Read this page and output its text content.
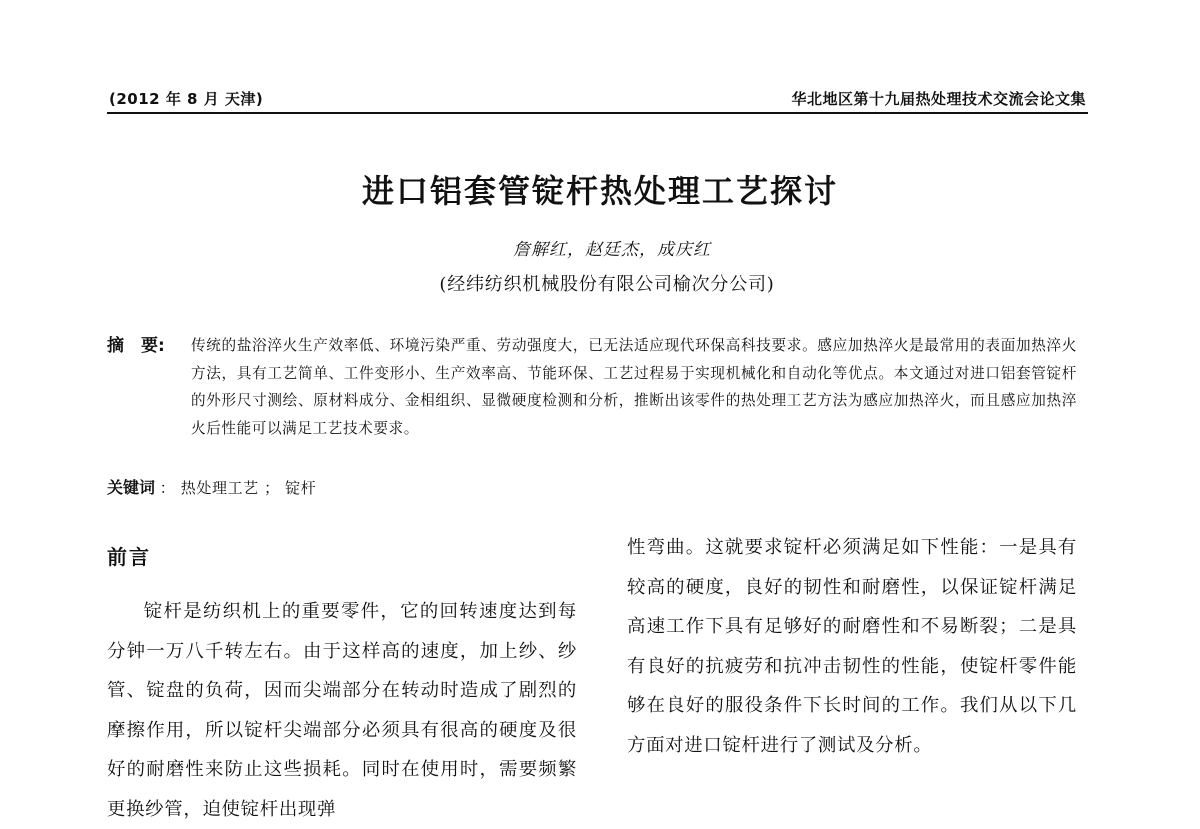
(2012 年 8 月 天津)	华北地区第十九届热处理技术交流会论文集
进口铝套管锭杆热处理工艺探讨
詹解红，赵廷杰，成庆红
(经纬纺织机械股份有限公司榆次分公司)
摘　要: 传统的盐浴淬火生产效率低、环境污染严重、劳动强度大，已无法适应现代环保高科技要求。感应加热淬火是最常用的表面加热淬火方法，具有工艺简单、工件变形小、生产效率高、节能环保、工艺过程易于实现机械化和自动化等优点。本文通过对进口铝套管锭杆的外形尺寸测绘、原材料成分、金相组织、显微硬度检测和分析，推断出该零件的热处理工艺方法为感应加热淬火，而且感应加热淬火后性能可以满足工艺技术要求。
关键词 ： 热处理工艺 ； 锭杆
前言
锭杆是纺织机上的重要零件，它的回转速度达到每分钟一万八千转左右。由于这样高的速度，加上纱、纱管、锭盘的负荷，因而尖端部分在转动时造成了剧烈的摩擦作用，所以锭杆尖端部分必须具有很高的硬度及很好的耐磨性来防止这些损耗。同时在使用时，需要频繁更换纱管，迫使锭杆出现弹
性弯曲。这就要求锭杆必须满足如下性能：一是具有较高的硬度，良好的韧性和耐磨性，以保证锭杆满足高速工作下具有足够好的耐磨性和不易断裂；二是具有良好的抗疲劳和抗冲击韧性的性能，使锭杆零件能够在良好的服役条件下长时间的工作。我们从以下几方面对进口锭杆进行了测试及分析。
